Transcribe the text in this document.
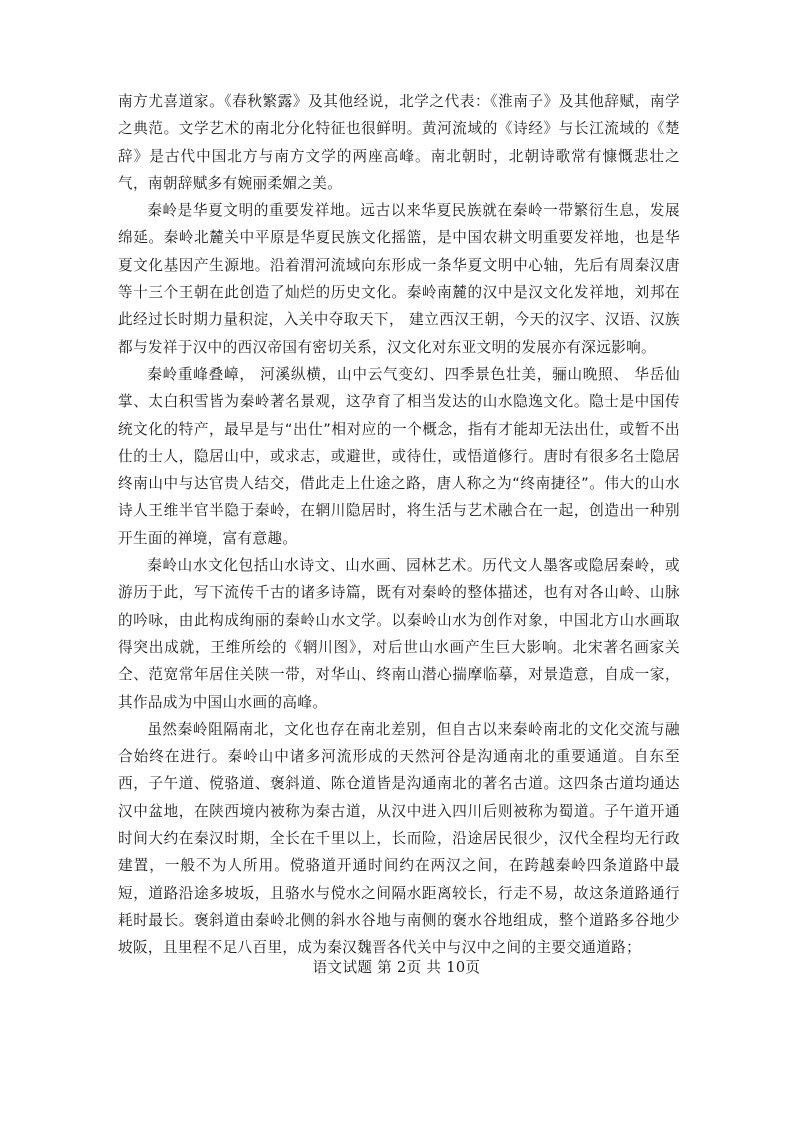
南方尤喜道家。《春秋繁露》及其他经说，北学之代表：《淮南子》及其他辞赋，南学之典范。文学艺术的南北分化特征也很鲜明。黄河流域的《诗经》与长江流域的《楚辞》是古代中国北方与南方文学的两座高峰。南北朝时，北朝诗歌常有慷慨悲壮之气，南朝辞赋多有婉丽柔媚之美。

秦岭是华夏文明的重要发祥地。远古以来华夏民族就在秦岭一带繁衍生息，发展绵延。秦岭北麓关中平原是华夏民族文化摇篮，是中国农耕文明重要发祥地，也是华夏文化基因产生源地。沿着渭河流域向东形成一条华夏文明中心轴，先后有周秦汉唐等十三个王朝在此创造了灿烂的历史文化。秦岭南麓的汉中是汉文化发祥地，刘邦在此经过长时期力量积淀，入关中夺取天下， 建立西汉王朝，今天的汉字、汉语、汉族都与发祥于汉中的西汉帝国有密切关系，汉文化对东亚文明的发展亦有深远影响。

秦岭重峰叠嶂， 河溪纵横，山中云气变幻、四季景色壮美，骊山晚照、 华岳仙掌、太白积雪皆为秦岭著名景观，这孕育了相当发达的山水隐逸文化。隐士是中国传统文化的特产，最早是与“出仕”相对应的一个概念，指有才能却无法出仕，或暂不出仕的士人，隐居山中，或求志，或避世，或待仕，或悟道修行。唐时有很多名士隐居终南山中与达官贵人结交，借此走上仕途之路，唐人称之为“终南捷径”。伟大的山水诗人王维半官半隐于秦岭，在辋川隐居时，将生活与艺术融合在一起，创造出一种别开生面的禅境，富有意趣。

秦岭山水文化包括山水诗文、山水画、园林艺术。历代文人墨客或隐居秦岭，或游历于此，写下流传千古的诸多诗篇，既有对秦岭的整体描述，也有对各山岭、山脉的吟咏，由此构成绚丽的秦岭山水文学。以秦岭山水为创作对象，中国北方山水画取得突出成就，王维所绘的《辋川图》，对后世山水画产生巨大影响。北宋著名画家关仝、范宽常年居住关陕一带，对华山、终南山潜心揣摩临摹，对景造意，自成一家，其作品成为中国山水画的高峰。

虽然秦岭阻隔南北，文化也存在南北差别，但自古以来秦岭南北的文化交流与融合始终在进行。秦岭山中诸多河流形成的天然河谷是沟通南北的重要通道。自东至西，子午道、傥骆道、褒斜道、陈仓道皆是沟通南北的著名古道。这四条古道均通达汉中盆地，在陕西境内被称为秦古道，从汉中进入四川后则被称为蜀道。子午道开通时间大约在秦汉时期，全长在千里以上，长而险，沿途居民很少，汉代全程均无行政建置，一般不为人所用。傥骆道开通时间约在两汉之间，在跨越秦岭四条道路中最短，道路沿途多坡坂，且骆水与傥水之间隔水距离较长，行走不易，故这条道路通行耗时最长。褒斜道由秦岭北侧的斜水谷地与南侧的褒水谷地组成，整个道路多谷地少坡阪，且里程不足八百里，成为秦汉魏晋各代关中与汉中之间的主要交通道路；

语文试题 第 2页 共 10页
